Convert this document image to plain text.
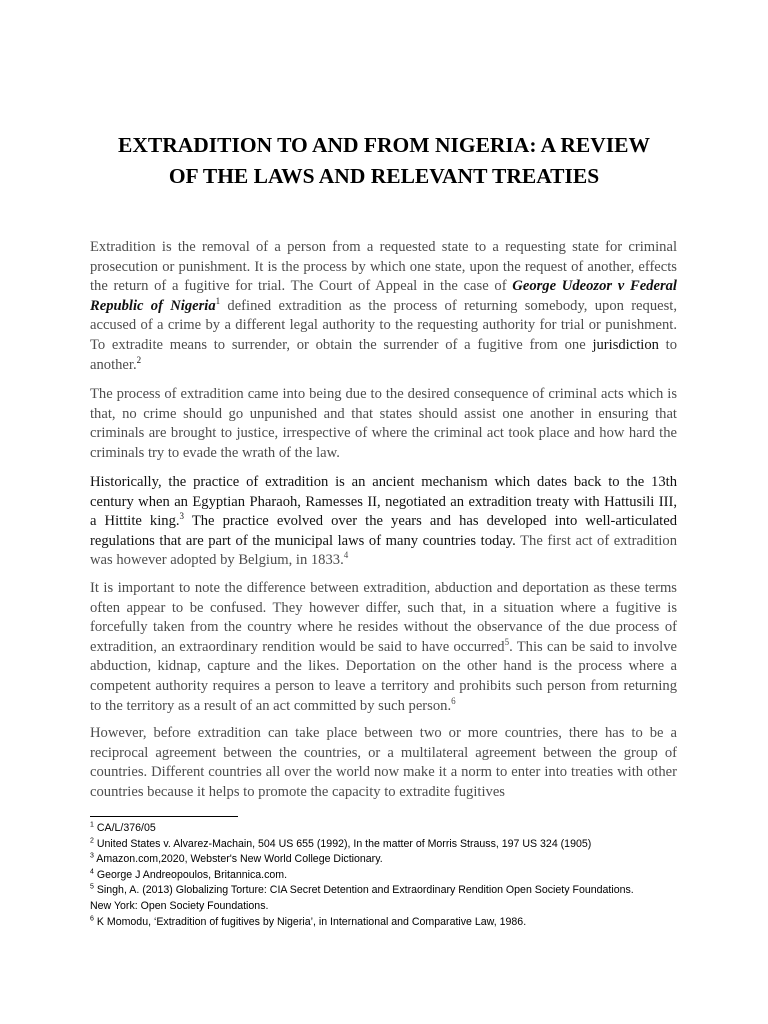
EXTRADITION TO AND FROM NIGERIA: A REVIEW
OF THE LAWS AND RELEVANT TREATIES

Extradition is the removal of a person from a requested state to a requesting state for criminal prosecution or punishment. It is the process by which one state, upon the request of another, effects the return of a fugitive for trial. The Court of Appeal in the case of George Udeozor v Federal Republic of Nigeria$^1$ defined extradition as the process of returning somebody, upon request, accused of a crime by a different legal authority to the requesting authority for trial or punishment. To extradite means to surrender, or obtain the surrender of a fugitive from one jurisdiction to another.$^2$

The process of extradition came into being due to the desired consequence of criminal acts which is that, no crime should go unpunished and that states should assist one another in ensuring that criminals are brought to justice, irrespective of where the criminal act took place and how hard the criminals try to evade the wrath of the law.

Historically, the practice of extradition is an ancient mechanism which dates back to the 13th century when an Egyptian Pharaoh, Ramesses II, negotiated an extradition treaty with Hattusili III, a Hittite king.$^3$ The practice evolved over the years and has developed into well-articulated regulations that are part of the municipal laws of many countries today. The first act of extradition was however adopted by Belgium, in 1833.$^4$

It is important to note the difference between extradition, abduction and deportation as these terms often appear to be confused. They however differ, such that, in a situation where a fugitive is forcefully taken from the country where he resides without the observance of the due process of extradition, an extraordinary rendition would be said to have occurred$^5$. This can be said to involve abduction, kidnap, capture and the likes. Deportation on the other hand is the process where a competent authority requires a person to leave a territory and prohibits such person from returning to the territory as a result of an act committed by such person.$^6$

However, before extradition can take place between two or more countries, there has to be a reciprocal agreement between the countries, or a multilateral agreement between the group of countries. Different countries all over the world now make it a norm to enter into treaties with other countries because it helps to promote the capacity to extradite fugitives

$^1$ CA/L/376/05

$^2$ United States v. Alvarez-Machain, 504 US 655 (1992), In the matter of Morris Strauss, 197 US 324 (1905)

$^3$ Amazon.com,2020, Webster's New World College Dictionary.

$^4$ George J Andreopoulos, Britannica.com.

$^5$ Singh, A. (2013) Globalizing Torture: CIA Secret Detention and Extraordinary Rendition Open Society Foundations.
New York: Open Society Foundations.

$^6$ K Momodu, ‘Extradition of fugitives by Nigeria’, in International and Comparative Law, 1986.
